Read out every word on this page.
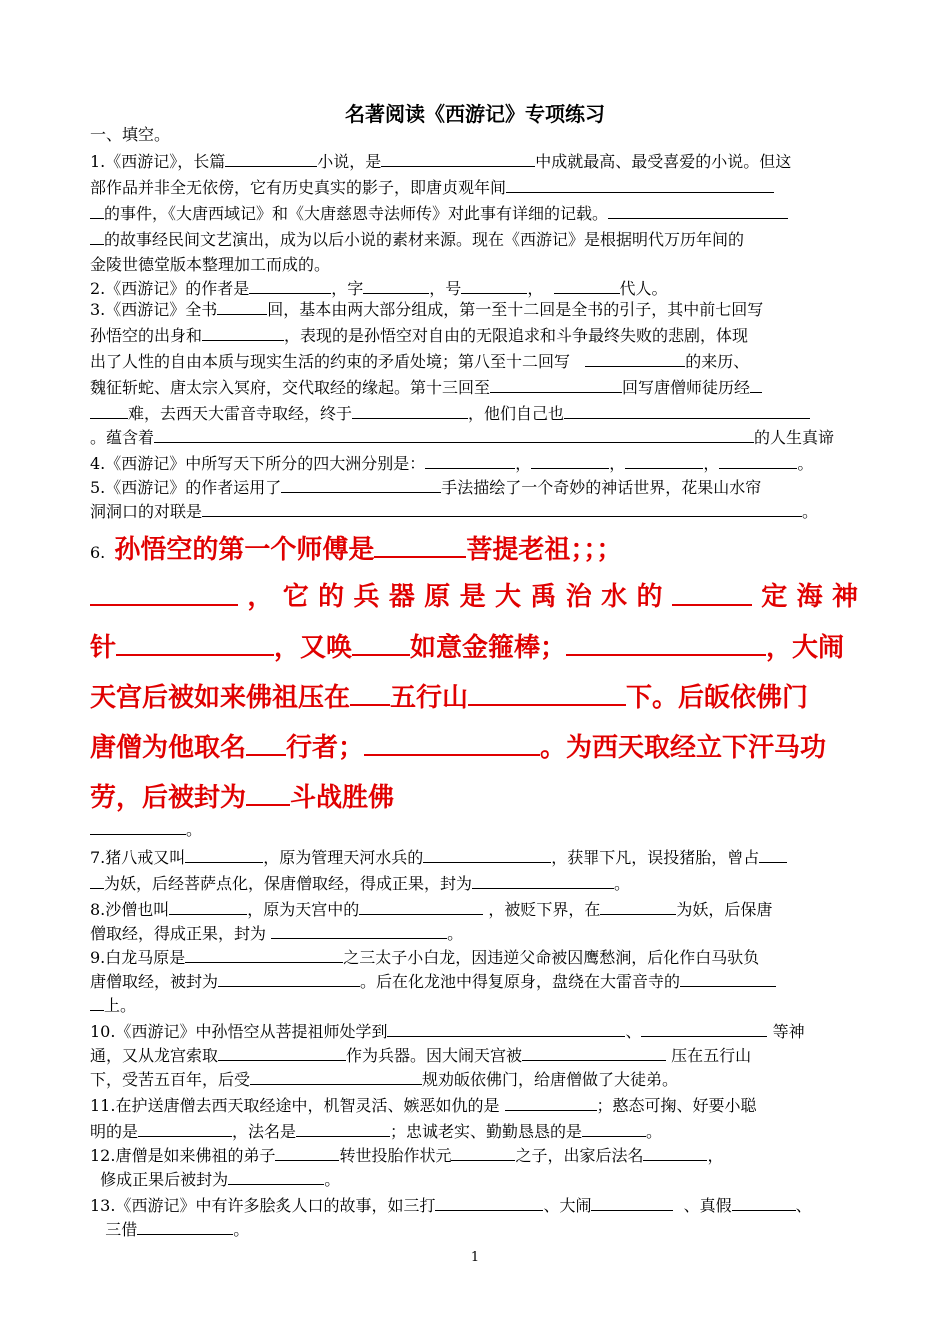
名著阅读《西游记》专项练习
一、填空。
1.《西游记》，长篇	小说，是	中成就最高、最受喜爱的小说。但这
部作品并非全无依傍，它有历史真实的影子，即唐贞观年间
的事件，《大唐西域记》和《大唐慈恩寺法师传》对此事有详细的记载。
的故事经民间文艺演出，成为以后小说的素材来源。现在《西游记》是根据明代万历年间的
金陵世德堂版本整理加工而成的。
2.《西游记》的作者是	，字	，号	，	代人。
3.《西游记》全书	回，基本由两大部分组成，第一至十二回是全书的引子，其中前七回写
孙悟空的出身和	，表现的是孙悟空对自由的无限追求和斗争最终失败的悲剧，体现
出了人性的自由本质与现实生活的约束的矛盾处境；第八至十二回写	的来历、
魏征斩蛇、唐太宗入冥府，交代取经的缘起。第十三回至	回写唐僧师徒历经
难，去西天大雷音寺取经，终于	，他们自己也
。蕴含着	的人生真谛
4.《西游记》中所写天下所分的四大洲分别是：	，	，	，	。
5.《西游记》的作者运用了	手法描绘了一个奇妙的神话世界，花果山水帘
洞洞口的对联是	。
6. 孙悟空的第一个师傅是	菩提老祖；；；
， 它 的 兵 器 原 是 大 禹 治 水 的	定 海 神
针	，又唤 如意金箍棒；	，大闹
天宫后被如来佛祖压在 五行山	下。后皈依佛门
唐僧为他取名 行者；	。为西天取经立下汗马功
劳，后被封为 斗战胜佛
。
7.猪八戒又叫	，原为管理天河水兵的	，获罪下凡，误投猪胎，曾占
为妖，后经菩萨点化，保唐僧取经，得成正果，封为	。
8.沙僧也叫	，原为天宫中的	，被贬下界，在	为妖，后保唐
僧取经，得成正果，封为	。
9.白龙马原是	之三太子小白龙，因违逆父命被囚鹰愁涧，后化作白马驮负
唐僧取经，被封为	。后在化龙池中得复原身，盘绕在大雷音寺的
上。
10.《西游记》中孙悟空从菩提祖师处学到	、	等神
通，又从龙宫索取	作为兵器。因大闹天宫被	压在五行山
下，受苦五百年，后受	规劝皈依佛门，给唐僧做了大徒弟。
11.在护送唐僧去西天取经途中，机智灵活、嫉恶如仇的是	；憨态可掬、好要小聪
明的是	，法名是	；忠诚老实、勤勤恳恳的是	。
12.唐僧是如来佛祖的弟子	转世投胎作状元	之子，出家后法名	，
修成正果后被封为	。
13.《西游记》中有许多脍炙人口的故事，如三打	、大闹	、真假	、
三借	。
1
